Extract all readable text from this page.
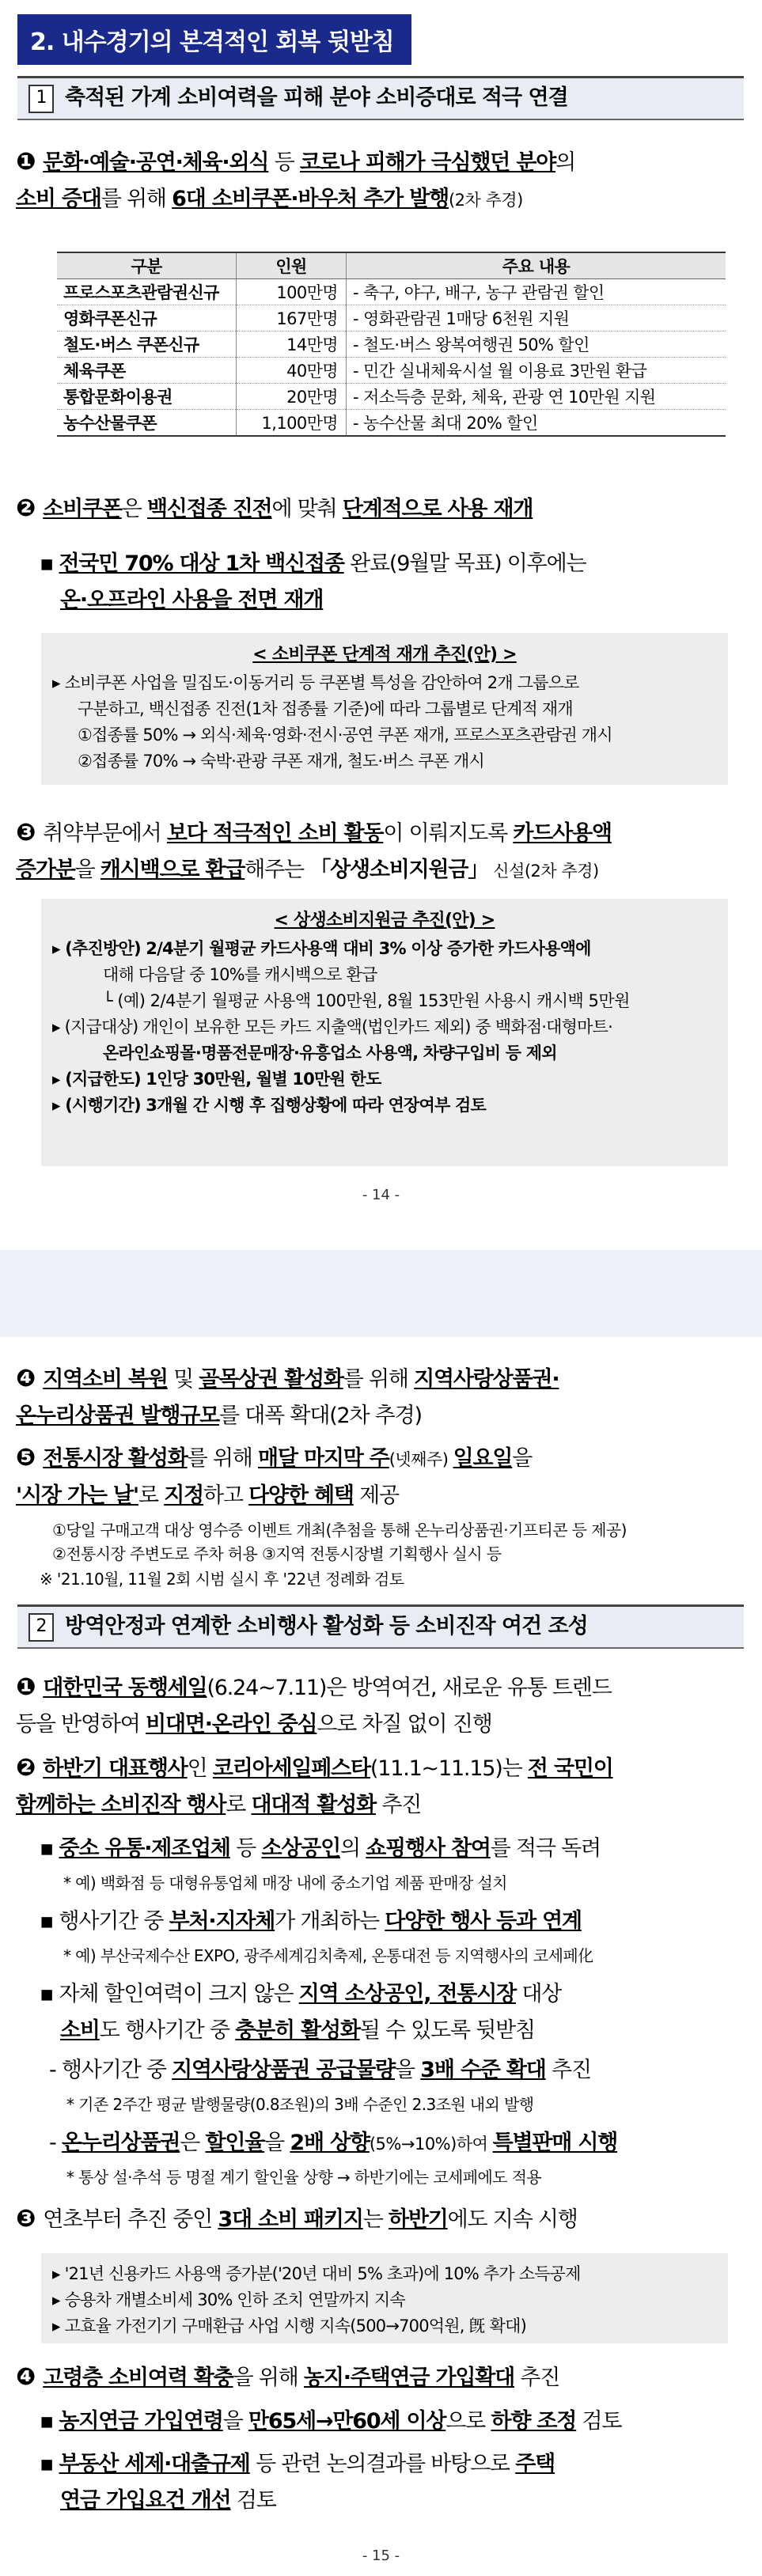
2. 내수경기의 본격적인 회복 뒷받침
1 축적된 가계 소비여력을 피해 분야 소비증대로 적극 연결
❶ 문화·예술·공연·체육·외식 등 코로나 피해가 극심했던 분야의
소비 증대를 위해 6대 소비쿠폰·바우처 추가 발행(2차 추경)
구분	인원	주요 내용
프로스포츠관람권신규	100만명	- 축구, 야구, 배구, 농구 관람권 할인
영화쿠폰신규	167만명	- 영화관람권 1매당 6천원 지원
철도·버스 쿠폰신규	14만명	- 철도·버스 왕복여행권 50% 할인
체육쿠폰	40만명	- 민간 실내체육시설 월 이용료 3만원 환급
통합문화이용권	20만명	- 저소득층 문화, 체육, 관광 연 10만원 지원
농수산물쿠폰	1,100만명	- 농수산물 최대 20% 할인
❷ 소비쿠폰은 백신접종 진전에 맞춰 단계적으로 사용 재개
▪ 전국민 70% 대상 1차 백신접종 완료(9월말 목표) 이후에는
온·오프라인 사용을 전면 재개
< 소비쿠폰 단계적 재개 추진(안) >
▸ 소비쿠폰 사업을 밀집도·이동거리 등 쿠폰별 특성을 감안하여 2개 그룹으로
구분하고, 백신접종 진전(1차 접종률 기준)에 따라 그룹별로 단계적 재개
①접종률 50% → 외식·체육·영화·전시·공연 쿠폰 재개, 프로스포츠관람권 개시
②접종률 70% → 숙박·관광 쿠폰 재개, 철도·버스 쿠폰 개시
❸ 취약부문에서 보다 적극적인 소비 활동이 이뤄지도록 카드사용액
증가분을 캐시백으로 환급해주는 「상생소비지원금」 신설(2차 추경)
< 상생소비지원금 추진(안) >
▸ (추진방안) 2/4분기 월평균 카드사용액 대비 3% 이상 증가한 카드사용액에
대해 다음달 중 10%를 캐시백으로 환급
└ (예) 2/4분기 월평균 사용액 100만원, 8월 153만원 사용시 캐시백 5만원
▸ (지급대상) 개인이 보유한 모든 카드 지출액(법인카드 제외) 중 백화점·대형마트·
온라인쇼핑몰·명품전문매장·유흥업소 사용액, 차량구입비 등 제외
▸ (지급한도) 1인당 30만원, 월별 10만원 한도
▸ (시행기간) 3개월 간 시행 후 집행상황에 따라 연장여부 검토
- 14 -
❹ 지역소비 복원 및 골목상권 활성화를 위해 지역사랑상품권·
온누리상품권 발행규모를 대폭 확대(2차 추경)
❺ 전통시장 활성화를 위해 매달 마지막 주(넷째주) 일요일을
'시장 가는 날'로 지정하고 다양한 혜택 제공
①당일 구매고객 대상 영수증 이벤트 개최(추첨을 통해 온누리상품권·기프티콘 등 제공)
②전통시장 주변도로 주차 허용 ③지역 전통시장별 기획행사 실시 등
※ '21.10월, 11월 2회 시범 실시 후 '22년 정례화 검토
2 방역안정과 연계한 소비행사 활성화 등 소비진작 여건 조성
❶ 대한민국 동행세일(6.24~7.11)은 방역여건, 새로운 유통 트렌드
등을 반영하여 비대면·온라인 중심으로 차질 없이 진행
❷ 하반기 대표행사인 코리아세일페스타(11.1~11.15)는 전 국민이
함께하는 소비진작 행사로 대대적 활성화 추진
▪ 중소 유통·제조업체 등 소상공인의 쇼핑행사 참여를 적극 독려
* 예) 백화점 등 대형유통업체 매장 내에 중소기업 제품 판매장 설치
▪ 행사기간 중 부처·지자체가 개최하는 다양한 행사 등과 연계
* 예) 부산국제수산 EXPO, 광주세계김치축제, 온통대전 등 지역행사의 코세페化
▪ 자체 할인여력이 크지 않은 지역 소상공인, 전통시장 대상
소비도 행사기간 중 충분히 활성화될 수 있도록 뒷받침
- 행사기간 중 지역사랑상품권 공급물량을 3배 수준 확대 추진
* 기존 2주간 평균 발행물량(0.8조원)의 3배 수준인 2.3조원 내외 발행
- 온누리상품권은 할인율을 2배 상향(5%→10%)하여 특별판매 시행
* 통상 설·추석 등 명절 계기 할인율 상향 → 하반기에는 코세페에도 적용
❸ 연초부터 추진 중인 3대 소비 패키지는 하반기에도 지속 시행
▸ '21년 신용카드 사용액 증가분('20년 대비 5% 초과)에 10% 추가 소득공제
▸ 승용차 개별소비세 30% 인하 조치 연말까지 지속
▸ 고효율 가전기기 구매환급 사업 시행 지속(500→700억원, 旣 확대)
❹ 고령층 소비여력 확충을 위해 농지·주택연금 가입확대 추진
▪ 농지연금 가입연령을 만65세→만60세 이상으로 하향 조정 검토
▪ 부동산 세제·대출규제 등 관련 논의결과를 바탕으로 주택
연금 가입요건 개선 검토
- 15 -
